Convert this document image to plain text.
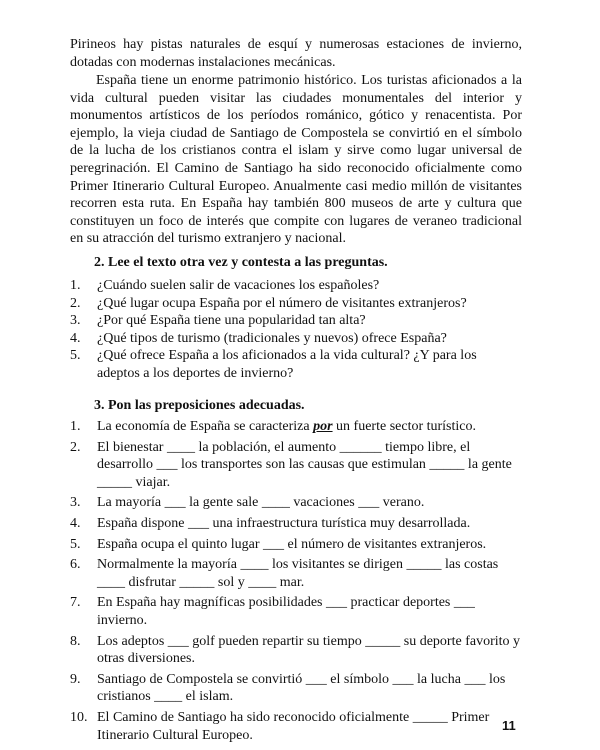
Pirineos hay pistas naturales de esquí y numerosas estaciones de invierno, dotadas con modernas instalaciones mecánicas.

España tiene un enorme patrimonio histórico. Los turistas aficionados a la vida cultural pueden visitar las ciudades monumentales del interior y monumentos artísticos de los períodos románico, gótico y renacentista. Por ejemplo, la vieja ciudad de Santiago de Compostela se convirtió en el símbolo de la lucha de los cristianos contra el islam y sirve como lugar universal de peregrinación. El Camino de Santiago ha sido reconocido oficialmente como Primer Itinerario Cultural Europeo. Anualmente casi medio millón de visitantes recorren esta ruta. En España hay también 800 museos de arte y cultura que constituyen un foco de interés que compite con lugares de veraneo tradicional en su atracción del turismo extranjero y nacional.

2. Lee el texto otra vez y contesta a las preguntas.

1. ¿Cuándo suelen salir de vacaciones los españoles?
2. ¿Qué lugar ocupa España por el número de visitantes extranjeros?
3. ¿Por qué España tiene una popularidad tan alta?
4. ¿Qué tipos de turismo (tradicionales y nuevos) ofrece España?
5. ¿Qué ofrece España a los aficionados a la vida cultural? ¿Y para los adeptos a los deportes de invierno?

3. Pon las preposiciones adecuadas.

1. La economía de España se caracteriza por un fuerte sector turístico.
2. El bienestar ____ la población, el aumento ______ tiempo libre, el desarrollo ___ los transportes son las causas que estimulan _____ la gente _____ viajar.
3. La mayoría ___ la gente sale ____ vacaciones ___ verano.
4. España dispone ___ una infraestructura turística muy desarrollada.
5. España ocupa el quinto lugar ___ el número de visitantes extranjeros.
6. Normalmente la mayoría ____ los visitantes se dirigen _____ las costas ____ disfrutar _____ sol y ____ mar.
7. En España hay magníficas posibilidades ___ practicar deportes ___ invierno.
8. Los adeptos ___ golf pueden repartir su tiempo _____ su deporte favorito y otras diversiones.
9. Santiago de Compostela se convirtió ___ el símbolo ___ la lucha ___ los cristianos ____ el islam.
10. El Camino de Santiago ha sido reconocido oficialmente _____ Primer Itinerario Cultural Europeo.
11
